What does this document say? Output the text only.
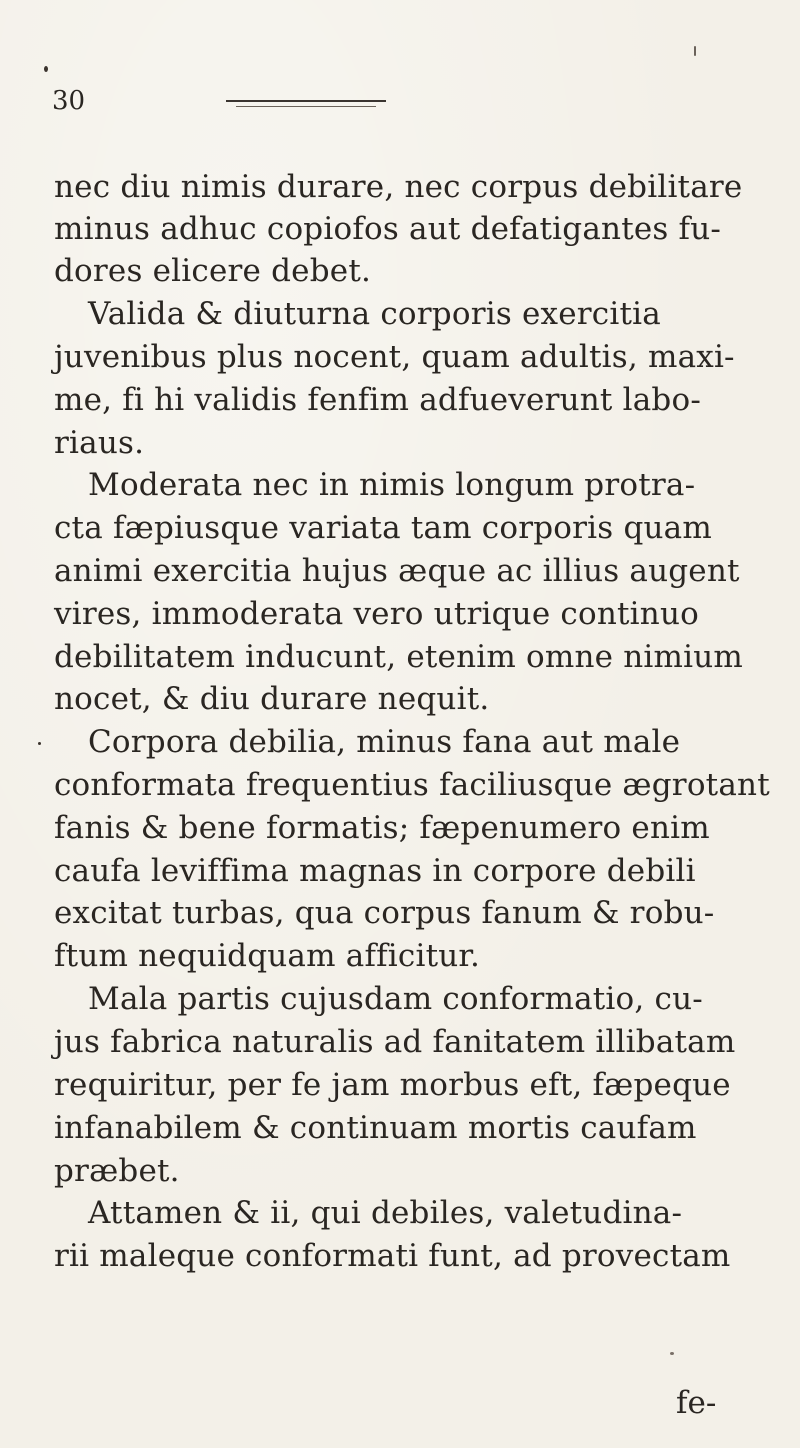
30
nec diu nimis durare, nec corpus debilitare
minus adhuc copiofos aut defatigantes fu‑
dores elicere debet.
Valida & diuturna corporis exercitia
juvenibus plus nocent, quam adultis, maxi-
me, fi hi validis fenfim adfueverunt labo-
riaus.
Moderata nec in nimis longum protra-
cta fæpiusque variata tam corporis quam
animi exercitia hujus æque ac illius augent
vires, immoderata vero utrique continuo
debilitatem inducunt, etenim omne nimium
nocet, & diu durare nequit.
Corpora debilia, minus fana aut male
conformata frequentius faciliusque ægrotant
fanis & bene formatis; fæpenumero enim
caufa leviffima magnas in corpore debili
excitat turbas, qua corpus fanum & robu-
ftum nequidquam afficitur.
Mala partis cujusdam conformatio, cu-
jus fabrica naturalis ad fanitatem illibatam
requiritur, per fe jam morbus eft, fæpeque
infanabilem & continuam mortis caufam
præbet.
Attamen & ii, qui debiles, valetudina-
rii maleque conformati funt, ad provectam
fe-
